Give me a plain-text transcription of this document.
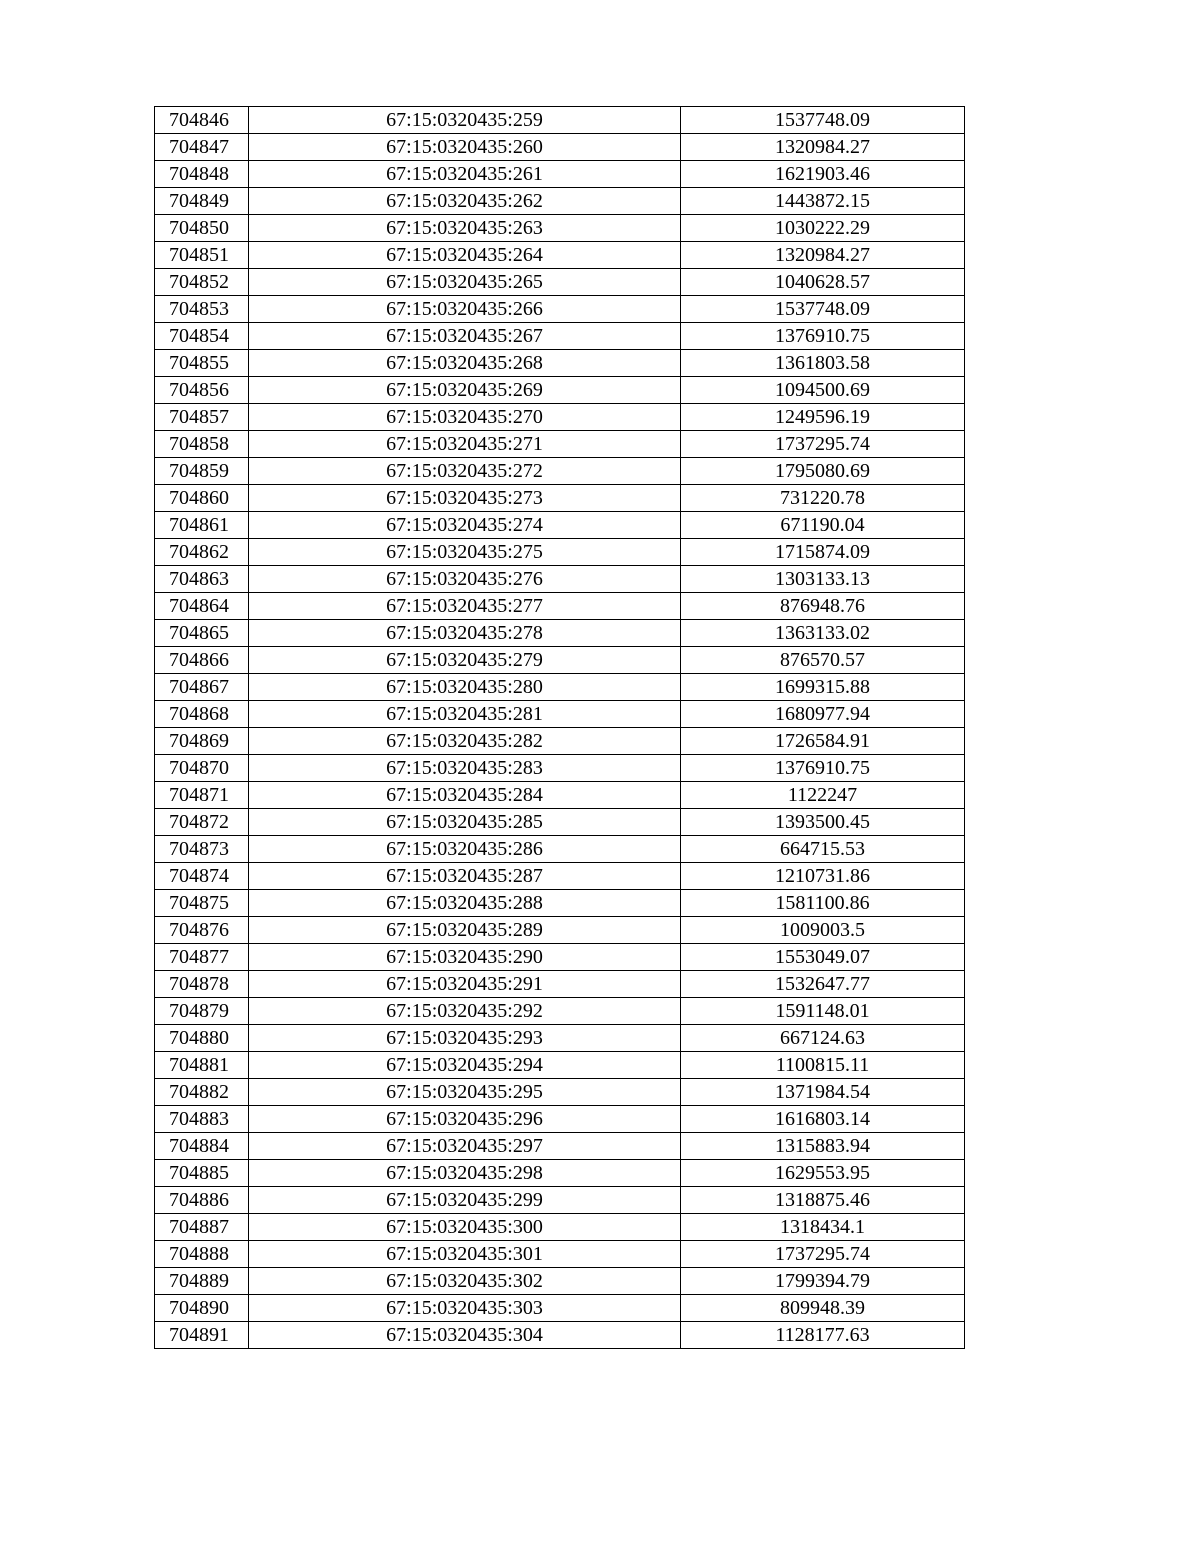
704846	67:15:0320435:259	1537748.09
704847	67:15:0320435:260	1320984.27
704848	67:15:0320435:261	1621903.46
704849	67:15:0320435:262	1443872.15
704850	67:15:0320435:263	1030222.29
704851	67:15:0320435:264	1320984.27
704852	67:15:0320435:265	1040628.57
704853	67:15:0320435:266	1537748.09
704854	67:15:0320435:267	1376910.75
704855	67:15:0320435:268	1361803.58
704856	67:15:0320435:269	1094500.69
704857	67:15:0320435:270	1249596.19
704858	67:15:0320435:271	1737295.74
704859	67:15:0320435:272	1795080.69
704860	67:15:0320435:273	731220.78
704861	67:15:0320435:274	671190.04
704862	67:15:0320435:275	1715874.09
704863	67:15:0320435:276	1303133.13
704864	67:15:0320435:277	876948.76
704865	67:15:0320435:278	1363133.02
704866	67:15:0320435:279	876570.57
704867	67:15:0320435:280	1699315.88
704868	67:15:0320435:281	1680977.94
704869	67:15:0320435:282	1726584.91
704870	67:15:0320435:283	1376910.75
704871	67:15:0320435:284	1122247
704872	67:15:0320435:285	1393500.45
704873	67:15:0320435:286	664715.53
704874	67:15:0320435:287	1210731.86
704875	67:15:0320435:288	1581100.86
704876	67:15:0320435:289	1009003.5
704877	67:15:0320435:290	1553049.07
704878	67:15:0320435:291	1532647.77
704879	67:15:0320435:292	1591148.01
704880	67:15:0320435:293	667124.63
704881	67:15:0320435:294	1100815.11
704882	67:15:0320435:295	1371984.54
704883	67:15:0320435:296	1616803.14
704884	67:15:0320435:297	1315883.94
704885	67:15:0320435:298	1629553.95
704886	67:15:0320435:299	1318875.46
704887	67:15:0320435:300	1318434.1
704888	67:15:0320435:301	1737295.74
704889	67:15:0320435:302	1799394.79
704890	67:15:0320435:303	809948.39
704891	67:15:0320435:304	1128177.63
